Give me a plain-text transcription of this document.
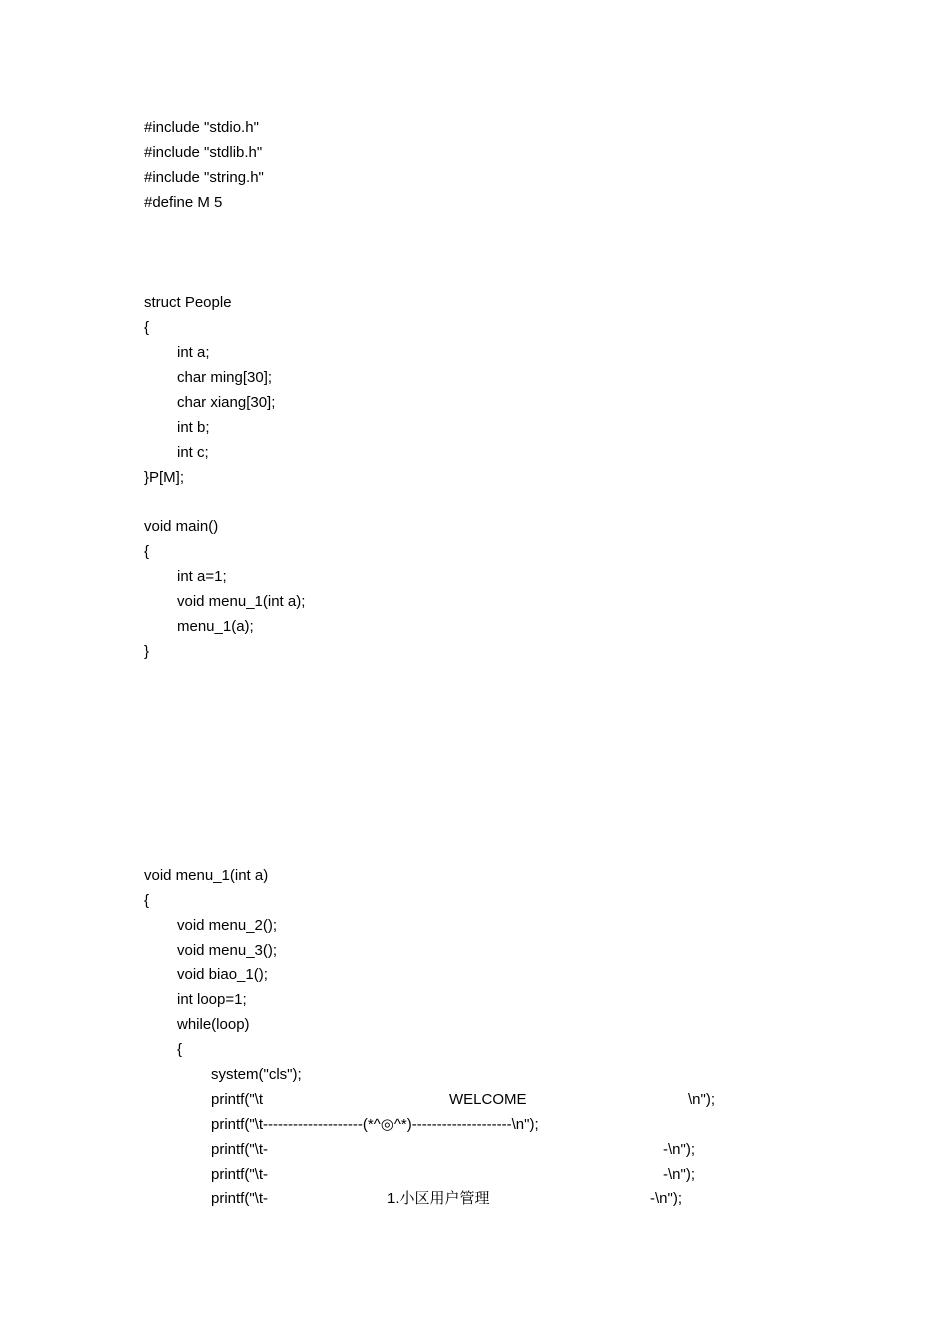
#include "stdio.h"
#include "stdlib.h"
#include "string.h"
#define M 5
struct People
{
int a;
char ming[30];
char xiang[30];
int b;
int c;
}P[M];
void main()
{
int a=1;
void menu_1(int a);
menu_1(a);
}
void menu_1(int a)
{
void menu_2();
void menu_3();
void biao_1();
int loop=1;
while(loop)
{
system("cls");

printf("\t

	WELCOME

	\n");

printf("\t--------------------(*^◎^*)--------------------\n");

printf("\t-

	-\n");

printf("\t-

	-\n");

printf("\t-

	1.小区用户管理

	-\n");
